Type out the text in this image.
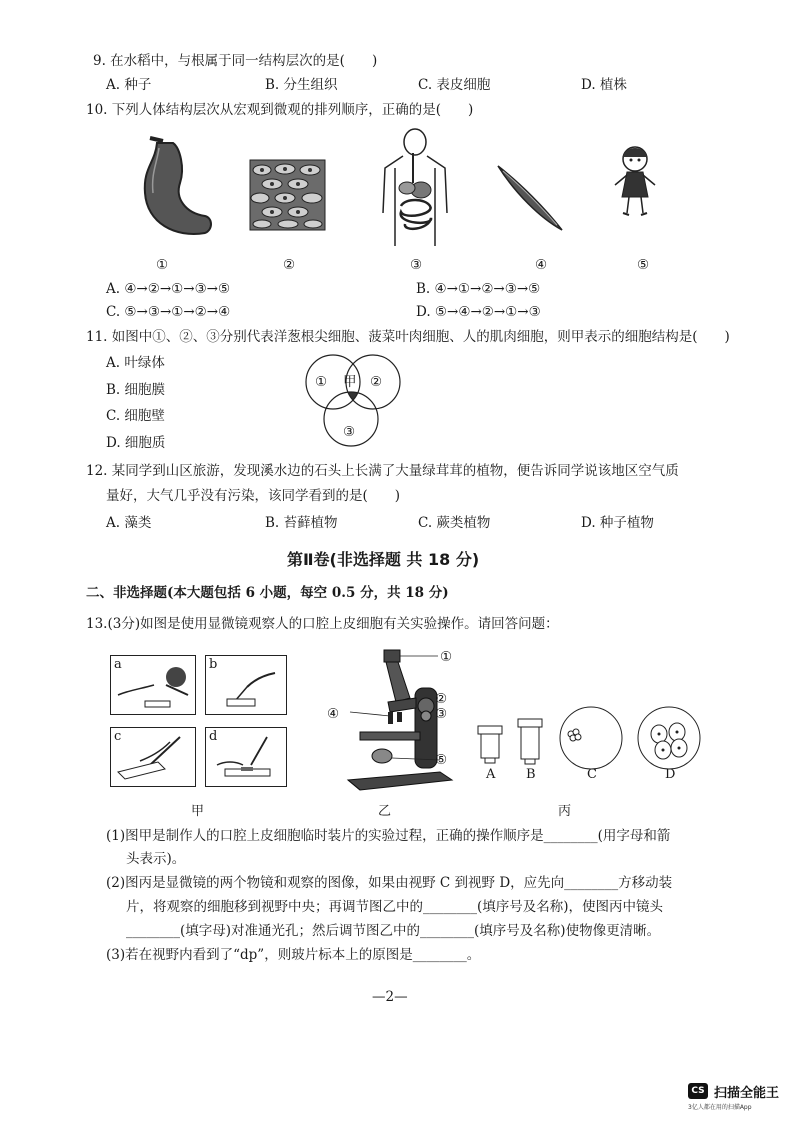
9. 在水稻中，与根属于同一结构层次的是(　　)
A. 种子	B. 分生组织	C. 表皮细胞	D. 植株
10. 下列人体结构层次从宏观到微观的排列顺序，正确的是(　　)
①	②	③	④	⑤
A. ④→②→①→③→⑤	B. ④→①→②→③→⑤
C. ⑤→③→①→②→④	D. ⑤→④→②→①→③
11. 如图中①、②、③分别代表洋葱根尖细胞、菠菜叶肉细胞、人的肌肉细胞，则甲表示的细胞结构是(　　)
A. 叶绿体
B. 细胞膜
C. 细胞壁
D. 细胞质
① 甲 ②
③
12. 某同学到山区旅游，发现溪水边的石头上长满了大量绿茸茸的植物，便告诉同学说该地区空气质
量好，大气几乎没有污染，该同学看到的是(　　)
A. 藻类	B. 苔藓植物	C. 蕨类植物	D. 种子植物
第Ⅱ卷(非选择题 共 18 分)
二、非选择题(本大题包括 6 小题，每空 0.5 分，共 18 分)
13.(3分)如图是使用显微镜观察人的口腔上皮细胞有关实验操作。请回答问题：
a	b
c	d
甲
①
②
③
④
⑤
乙
A B	C	D
丙
(1)图甲是制作人的口腔上皮细胞临时装片的实验过程，正确的操作顺序是________(用字母和箭
头表示)。
(2)图丙是显微镜的两个物镜和观察的图像，如果由视野 C 到视野 D，应先向________方移动装
片，将观察的细胞移到视野中央；再调节图乙中的________(填序号及名称)，使图丙中镜头
________(填字母)对准通光孔；然后调节图乙中的________(填序号及名称)使物像更清晰。
(3)若在视野内看到了“dp”，则玻片标本上的原图是________。
—2—
CS 扫描全能王
3亿人都在用的扫描App
